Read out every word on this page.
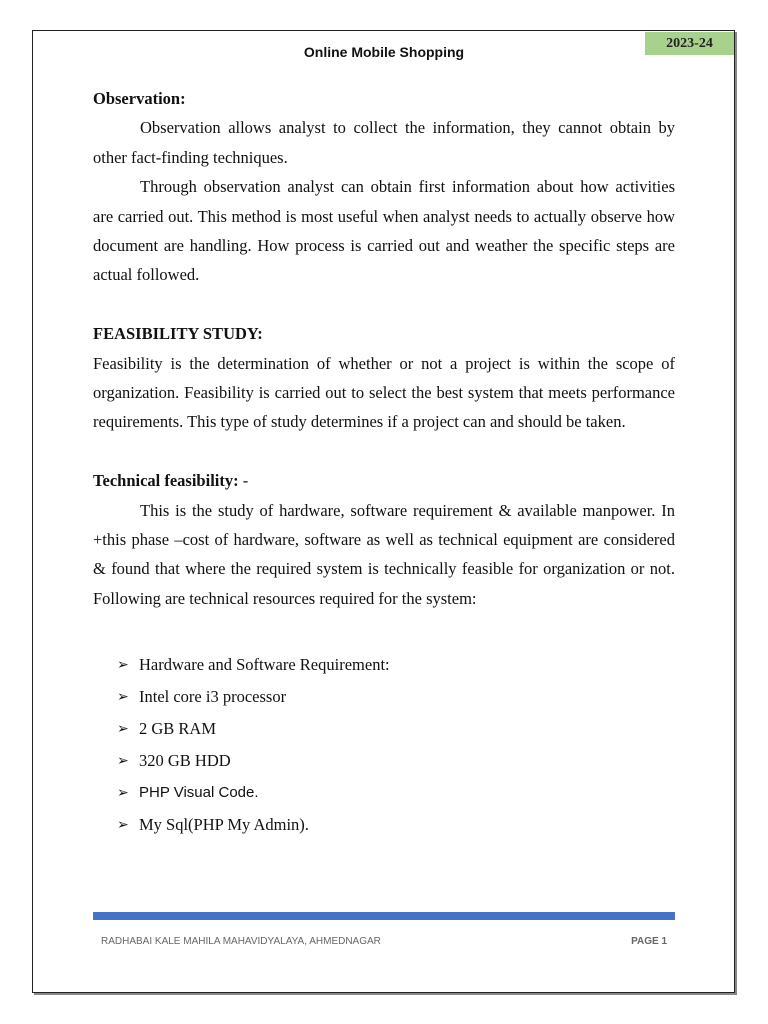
2023-24
Online Mobile Shopping

Observation:

Observation allows analyst to collect the information, they cannot obtain by other fact-finding techniques.

Through observation analyst can obtain first information about how activities are carried out. This method is most useful when analyst needs to actually observe how document are handling. How process is carried out and weather the specific steps are actual followed.

FEASIBILITY STUDY:

Feasibility is the determination of whether or not a project is within the scope of organization. Feasibility is carried out to select the best system that meets performance requirements. This type of study determines if a project can and should be taken.

Technical feasibility: -

This is the study of hardware, software requirement & available manpower. In +this phase –cost of hardware, software as well as technical equipment are considered & found that where the required system is technically feasible for organization or not. Following are technical resources required for the system:

➢ Hardware and Software Requirement:
➢ Intel core i3 processor
➢ 2 GB RAM
➢ 320 GB HDD
➢ PHP Visual Code.
➢ My Sql(PHP My Admin).
RADHABAI KALE MAHILA MAHAVIDYALAYA, AHMEDNAGAR	PAGE 1
